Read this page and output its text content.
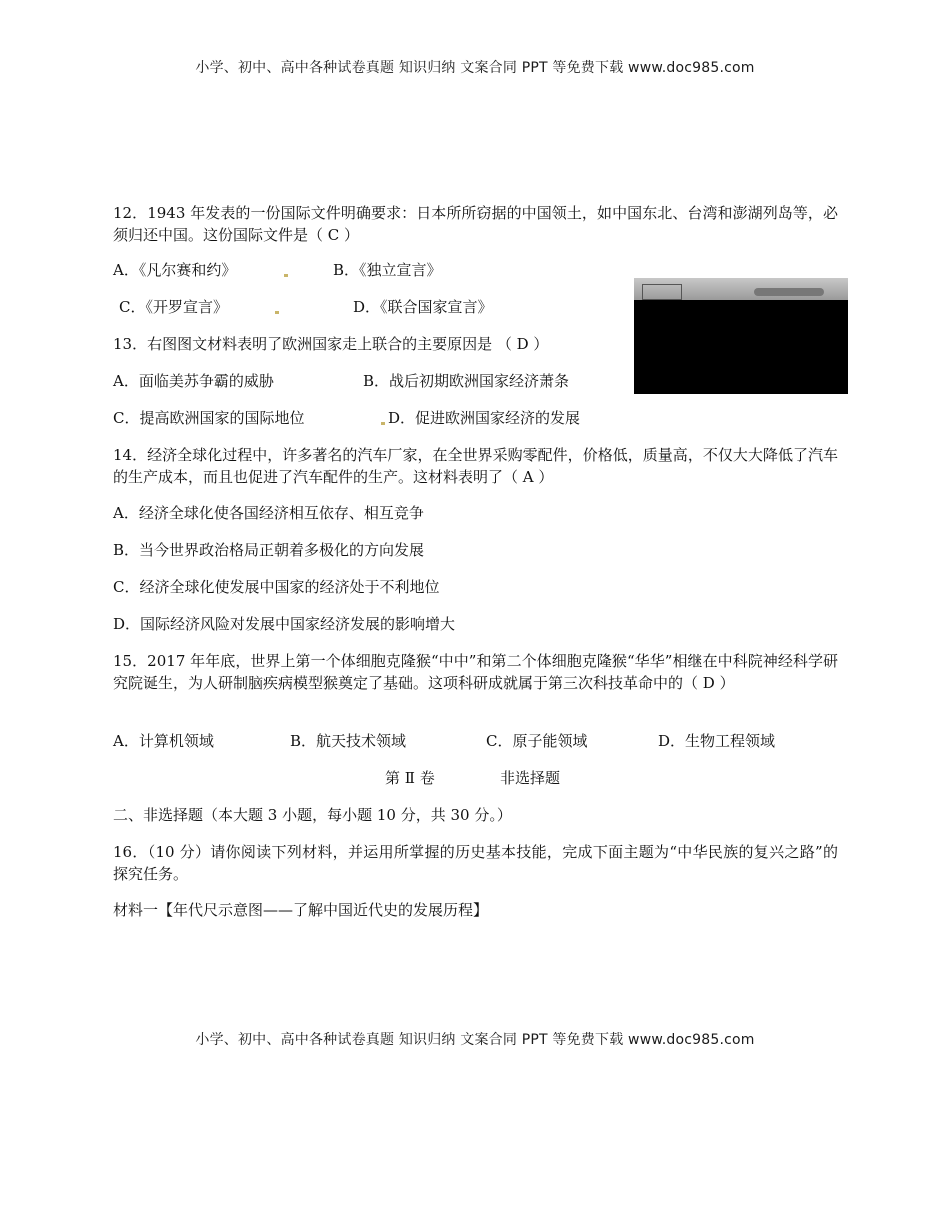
小学、初中、高中各种试卷真题 知识归纳 文案合同 PPT 等免费下载 www.doc985.com
12．1943 年发表的一份国际文件明确要求：日本所所窃据的中国领土，如中国东北、台湾和澎湖列岛等，必须归还中国。这份国际文件是（ C ）
A．《凡尔赛和约》	B．《独立宣言》
C．《开罗宣言》	D．《联合国家宣言》
13．右图图文材料表明了欧洲国家走上联合的主要原因是 （ D ）
A．面临美苏争霸的威胁	B．战后初期欧洲国家经济萧条
C．提高欧洲国家的国际地位	D．促进欧洲国家经济的发展
14．经济全球化过程中，许多著名的汽车厂家，在全世界采购零配件，价格低，质量高，不仅大大降低了汽车的生产成本，而且也促进了汽车配件的生产。这材料表明了（ A ）
A．经济全球化使各国经济相互依存、相互竞争
B．当今世界政治格局正朝着多极化的方向发展
C．经济全球化使发展中国家的经济处于不利地位
D．国际经济风险对发展中国家经济发展的影响增大
15．2017 年年底，世界上第一个体细胞克隆猴“中中”和第二个体细胞克隆猴“华华”相继在中科院神经科学研究院诞生，为人研制脑疾病模型猴奠定了基础。这项科研成就属于第三次科技革命中的（ D ）
A．计算机领域	B．航天技术领域	C．原子能领域	D．生物工程领域
第 Ⅱ 卷	非选择题
二、非选择题（本大题 3 小题，每小题 10 分，共 30 分。）
16．（10 分）请你阅读下列材料，并运用所掌握的历史基本技能，完成下面主题为“中华民族的复兴之路”的探究任务。
材料一【年代尺示意图——了解中国近代史的发展历程】
小学、初中、高中各种试卷真题 知识归纳 文案合同 PPT 等免费下载 www.doc985.com
